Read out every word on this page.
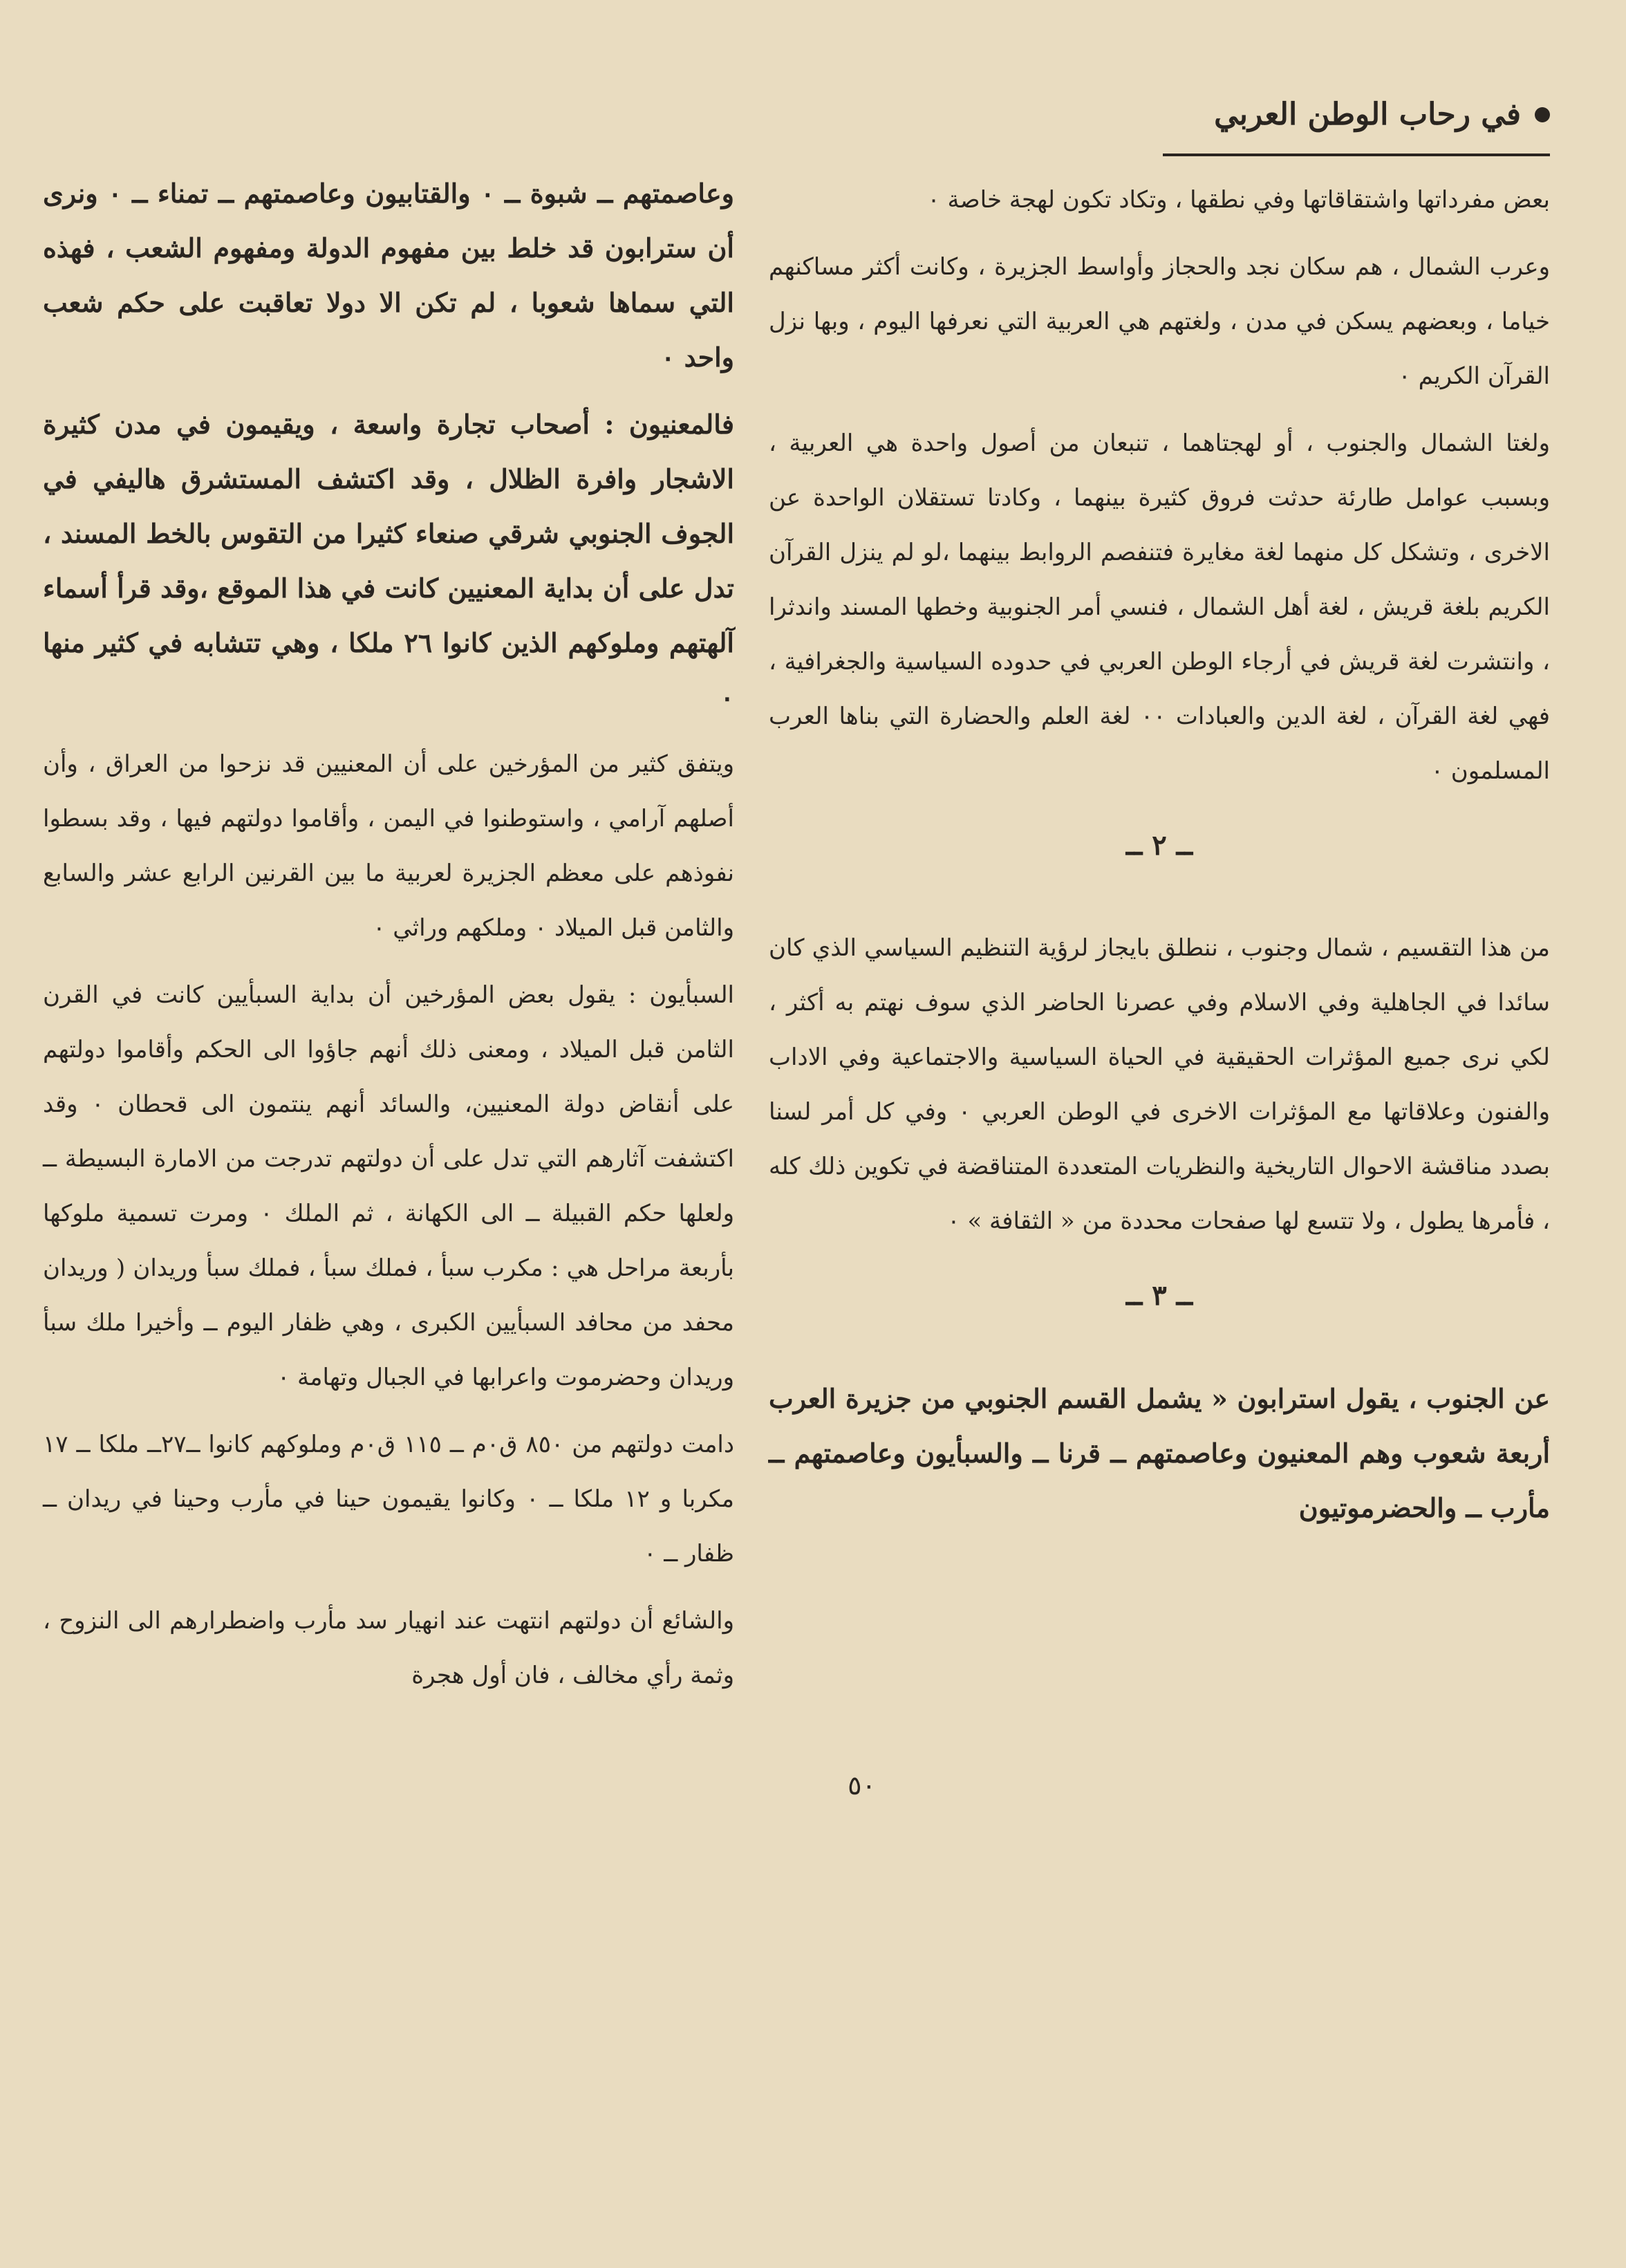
في رحاب الوطن العربي

بعض مفرداتها واشتقاقاتها وفي نطقها ، وتكاد تكون لهجة خاصة ٠

وعرب الشمال ، هم سكان نجد والحجاز وأواسط الجزيرة ، وكانت أكثر مساكنهم خياما ، وبعضهم يسكن في مدن ، ولغتهم هي العربية التي نعرفها اليوم ، وبها نزل القرآن الكريم ٠

ولغتا الشمال والجنوب ، أو لهجتاهما ، تنبعان من أصول واحدة هي العربية ، وبسبب عوامل طارئة حدثت فروق كثيرة بينهما ، وكادتا تستقلان الواحدة عن الاخرى ، وتشكل كل منهما لغة مغايرة فتنفصم الروابط بينهما ،لو لم ينزل القرآن الكريم بلغة قريش ، لغة أهل الشمال ، فنسي أمر الجنوبية وخطها المسند واندثرا ، وانتشرت لغة قريش في أرجاء الوطن العربي في حدوده السياسية والجغرافية ، فهي لغة القرآن ، لغة الدين والعبادات ٠٠ لغة العلم والحضارة التي بناها العرب المسلمون ٠

ــ ٢ ــ

من هذا التقسيم ، شمال وجنوب ، ننطلق بايجاز لرؤية التنظيم السياسي الذي كان سائدا في الجاهلية وفي الاسلام وفي عصرنا الحاضر الذي سوف نهتم به أكثر ، لكي نرى جميع المؤثرات الحقيقية في الحياة السياسية والاجتماعية وفي الاداب والفنون وعلاقاتها مع المؤثرات الاخرى في الوطن العربي ٠ وفي كل أمر لسنا بصدد مناقشة الاحوال التاريخية والنظريات المتعددة المتناقضة في تكوين ذلك كله ، فأمرها يطول ، ولا تتسع لها صفحات محددة من « الثقافة » ٠

ــ ٣ ــ

عن الجنوب ، يقول استرابون « يشمل القسم الجنوبي من جزيرة العرب أربعة شعوب وهم المعنيون وعاصمتهم ــ قرنا ــ والسبأيون وعاصمتهم ــ مأرب ــ والحضرموتيون

وعاصمتهم ــ شبوة ــ ٠ والقتابيون وعاصمتهم ــ تمناء ــ ٠ ونرى أن سترابون قد خلط بين مفهوم الدولة ومفهوم الشعب ، فهذه التي سماها شعوبا ، لم تكن الا دولا تعاقبت على حكم شعب واحد ٠

فالمعنيون : أصحاب تجارة واسعة ، ويقيمون في مدن كثيرة الاشجار وافرة الظلال ، وقد اكتشف المستشرق هاليفي في الجوف الجنوبي شرقي صنعاء كثيرا من التقوس بالخط المسند ، تدل على أن بداية المعنيين كانت في هذا الموقع ،وقد قرأ أسماء آلهتهم وملوكهم الذين كانوا ٢٦ ملكا ، وهي تتشابه في كثير منها ٠

ويتفق كثير من المؤرخين على أن المعنيين قد نزحوا من العراق ، وأن أصلهم آرامي ، واستوطنوا في اليمن ، وأقاموا دولتهم فيها ، وقد بسطوا نفوذهم على معظم الجزيرة لعربية ما بين القرنين الرابع عشر والسابع والثامن قبل الميلاد ٠ وملكهم وراثي ٠

السبأيون : يقول بعض المؤرخين أن بداية السبأيين كانت في القرن الثامن قبل الميلاد ، ومعنى ذلك أنهم جاؤوا الى الحكم وأقاموا دولتهم على أنقاض دولة المعنيين، والسائد أنهم ينتمون الى قحطان ٠ وقد اكتشفت آثارهم التي تدل على أن دولتهم تدرجت من الامارة البسيطة ــ ولعلها حكم القبيلة ــ الى الكهانة ، ثم الملك ٠ ومرت تسمية ملوكها بأربعة مراحل هي : مكرب سبأ ، فملك سبأ ، فملك سبأ وريدان ( وريدان محفد من محافد السبأيين الكبرى ، وهي ظفار اليوم ــ وأخيرا ملك سبأ وريدان وحضرموت واعرابها في الجبال وتهامة ٠

دامت دولتهم من ٨٥٠ ق٠م ــ ١١٥ ق٠م وملوكهم كانوا ــ٢٧ــ ملكا ــ ١٧ مكربا و ١٢ ملكا ــ ٠ وكانوا يقيمون حينا في مأرب وحينا في ريدان ــ ظفار ــ ٠

والشائع أن دولتهم انتهت عند انهيار سد مأرب واضطرارهم الى النزوح ، وثمة رأي مخالف ، فان أول هجرة

٥٠
